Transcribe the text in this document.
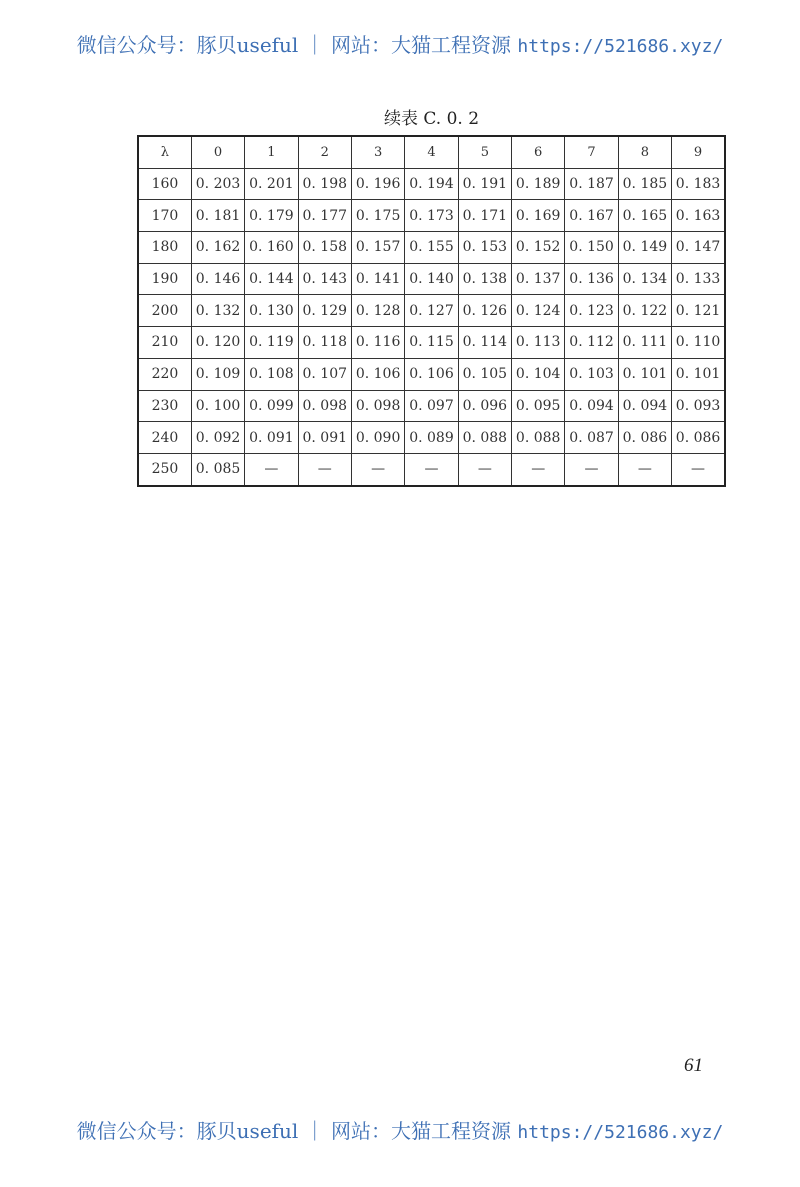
微信公众号：豚贝useful ｜ 网站：大猫工程资源 https://521686.xyz/
续表 C. 0. 2
λ	0	1	2	3	4	5	6	7	8	9
160	0. 203	0. 201	0. 198	0. 196	0. 194	0. 191	0. 189	0. 187	0. 185	0. 183
170	0. 181	0. 179	0. 177	0. 175	0. 173	0. 171	0. 169	0. 167	0. 165	0. 163
180	0. 162	0. 160	0. 158	0. 157	0. 155	0. 153	0. 152	0. 150	0. 149	0. 147
190	0. 146	0. 144	0. 143	0. 141	0. 140	0. 138	0. 137	0. 136	0. 134	0. 133
200	0. 132	0. 130	0. 129	0. 128	0. 127	0. 126	0. 124	0. 123	0. 122	0. 121
210	0. 120	0. 119	0. 118	0. 116	0. 115	0. 114	0. 113	0. 112	0. 111	0. 110
220	0. 109	0. 108	0. 107	0. 106	0. 106	0. 105	0. 104	0. 103	0. 101	0. 101
230	0. 100	0. 099	0. 098	0. 098	0. 097	0. 096	0. 095	0. 094	0. 094	0. 093
240	0. 092	0. 091	0. 091	0. 090	0. 089	0. 088	0. 088	0. 087	0. 086	0. 086
250	0. 085	—	—	—	—	—	—	—	—	—
61
微信公众号：豚贝useful ｜ 网站：大猫工程资源 https://521686.xyz/
